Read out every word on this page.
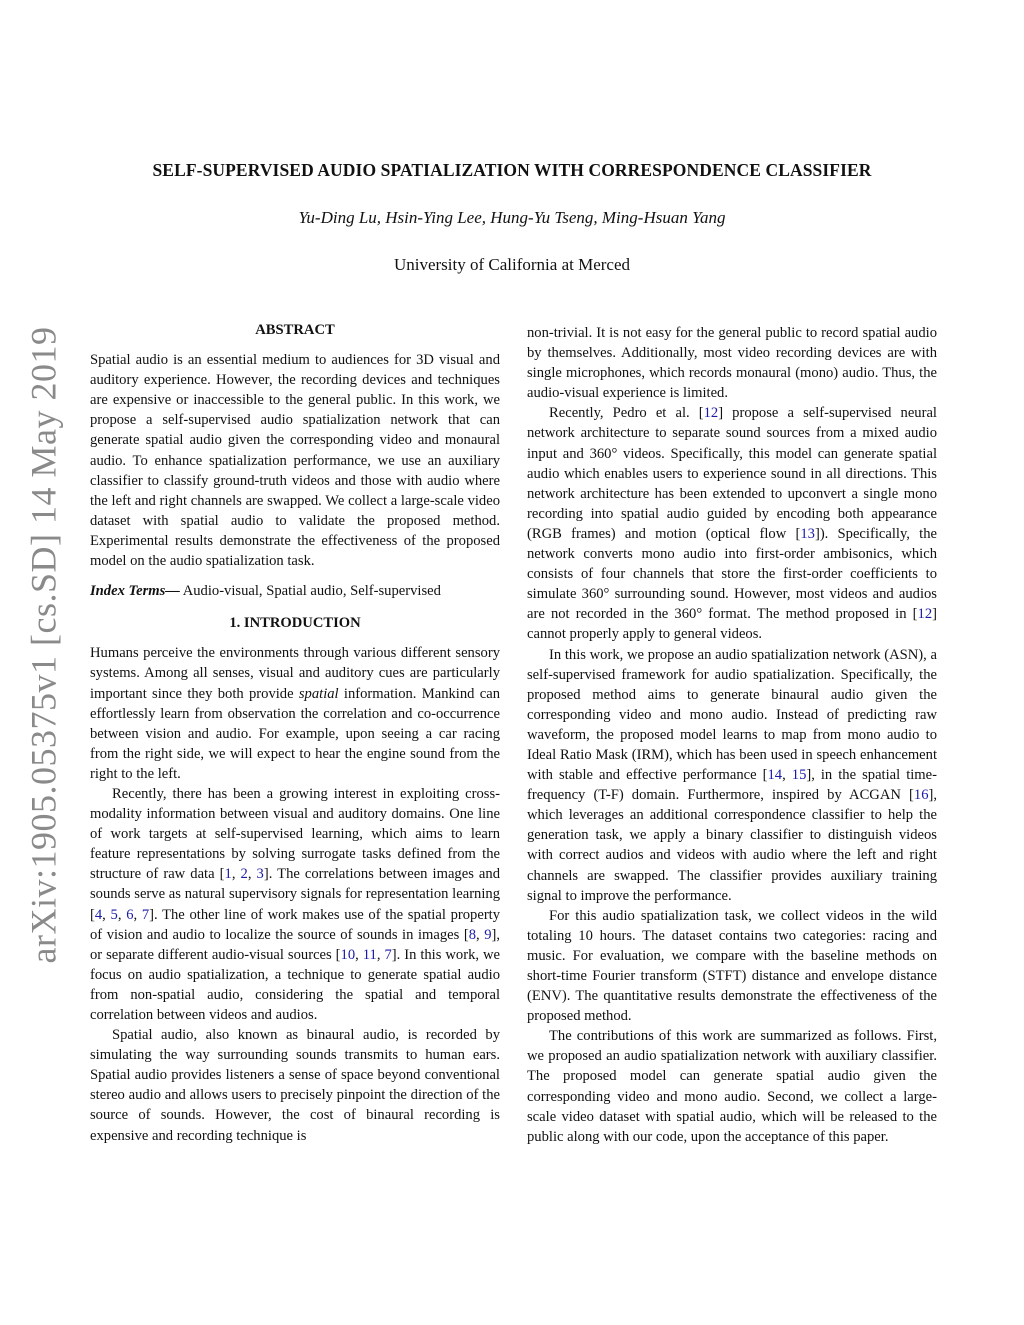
arXiv:1905.05375v1 [cs.SD] 14 May 2019
SELF-SUPERVISED AUDIO SPATIALIZATION WITH CORRESPONDENCE CLASSIFIER
Yu-Ding Lu, Hsin-Ying Lee, Hung-Yu Tseng, Ming-Hsuan Yang
University of California at Merced
ABSTRACT

Spatial audio is an essential medium to audiences for 3D visual and auditory experience. However, the recording devices and techniques are expensive or inaccessible to the general public. In this work, we propose a self-supervised audio spatialization network that can generate spatial audio given the corresponding video and monaural audio. To enhance spatialization performance, we use an auxiliary classifier to classify ground-truth videos and those with audio where the left and right channels are swapped. We collect a large-scale video dataset with spatial audio to validate the proposed method. Experimental results demonstrate the effectiveness of the proposed model on the audio spatialization task.

Index Terms— Audio-visual, Spatial audio, Self-supervised

1. INTRODUCTION

Humans perceive the environments through various different sensory systems. Among all senses, visual and auditory cues are particularly important since they both provide spatial information. Mankind can effortlessly learn from observation the correlation and co-occurrence between vision and audio. For example, upon seeing a car racing from the right side, we will expect to hear the engine sound from the right to the left.

Recently, there has been a growing interest in exploiting cross-modality information between visual and auditory domains. One line of work targets at self-supervised learning, which aims to learn feature representations by solving surrogate tasks defined from the structure of raw data [1, 2, 3]. The correlations between images and sounds serve as natural supervisory signals for representation learning [4, 5, 6, 7]. The other line of work makes use of the spatial property of vision and audio to localize the source of sounds in images [8, 9], or separate different audio-visual sources [10, 11, 7]. In this work, we focus on audio spatialization, a technique to generate spatial audio from non-spatial audio, considering the spatial and temporal correlation between videos and audios.

Spatial audio, also known as binaural audio, is recorded by simulating the way surrounding sounds transmits to human ears. Spatial audio provides listeners a sense of space beyond conventional stereo audio and allows users to precisely pinpoint the direction of the source of sounds. However, the cost of binaural recording is expensive and recording technique is

non-trivial. It is not easy for the general public to record spatial audio by themselves. Additionally, most video recording devices are with single microphones, which records monaural (mono) audio. Thus, the audio-visual experience is limited.

Recently, Pedro et al. [12] propose a self-supervised neural network architecture to separate sound sources from a mixed audio input and 360° videos. Specifically, this model can generate spatial audio which enables users to experience sound in all directions. This network architecture has been extended to upconvert a single mono recording into spatial audio guided by encoding both appearance (RGB frames) and motion (optical flow [13]). Specifically, the network converts mono audio into first-order ambisonics, which consists of four channels that store the first-order coefficients to simulate 360° surrounding sound. However, most videos and audios are not recorded in the 360° format. The method proposed in [12] cannot properly apply to general videos.

In this work, we propose an audio spatialization network (ASN), a self-supervised framework for audio spatialization. Specifically, the proposed method aims to generate binaural audio given the corresponding video and mono audio. Instead of predicting raw waveform, the proposed model learns to map from mono audio to Ideal Ratio Mask (IRM), which has been used in speech enhancement with stable and effective performance [14, 15], in the spatial time-frequency (T-F) domain. Furthermore, inspired by ACGAN [16], which leverages an additional correspondence classifier to help the generation task, we apply a binary classifier to distinguish videos with correct audios and videos with audio where the left and right channels are swapped. The classifier provides auxiliary training signal to improve the performance.

For this audio spatialization task, we collect videos in the wild totaling 10 hours. The dataset contains two categories: racing and music. For evaluation, we compare with the baseline methods on short-time Fourier transform (STFT) distance and envelope distance (ENV). The quantitative results demonstrate the effectiveness of the proposed method.

The contributions of this work are summarized as follows. First, we proposed an audio spatialization network with auxiliary classifier. The proposed model can generate spatial audio given the corresponding video and mono audio. Second, we collect a large-scale video dataset with spatial audio, which will be released to the public along with our code, upon the acceptance of this paper.
